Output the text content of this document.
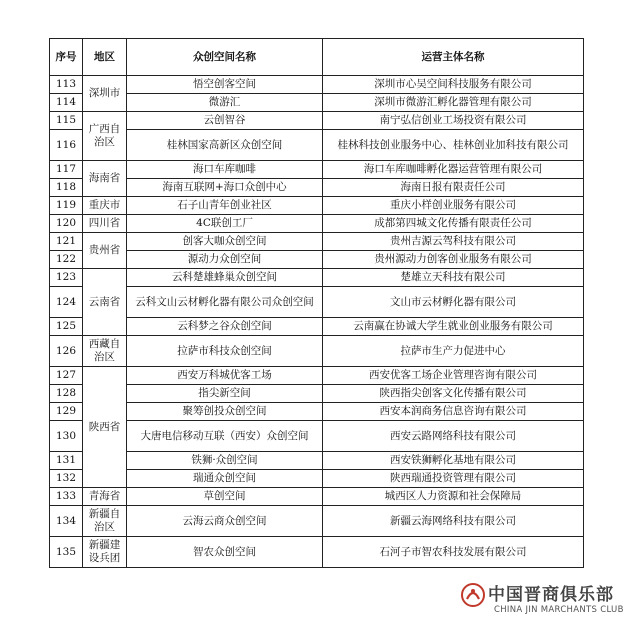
序号	地区	众创空间名称	运营主体名称
113	深圳市	悟空创客空间	深圳市心吴空间科技服务有限公司
114		微游汇	深圳市微游汇孵化器管理有限公司
115	广西自治区	云创智谷	南宁弘信创业工场投资有限公司
116		桂林国家高新区众创空间	桂林科技创业服务中心、桂林创业加科技有限公司
117	海南省	海口车库咖啡	海口车库咖啡孵化器运营管理有限公司
118		海南互联网+海口众创中心	海南日报有限责任公司
119	重庆市	石子山青年创业社区	重庆小样创业服务有限公司
120	四川省	4C联创工厂	成都第四城文化传播有限责任公司
121	贵州省	创客大咖众创空间	贵州吉源云驾科技有限公司
122		源动力众创空间	贵州源动力创客创业服务有限公司
123	云南省	云科楚雄蜂巢众创空间	楚雄立天科技有限公司
124		云科文山云材孵化器有限公司众创空间	文山市云材孵化器有限公司
125		云科梦之谷众创空间	云南赢在协诚大学生就业创业服务有限公司
126	西藏自治区	拉萨市科技众创空间	拉萨市生产力促进中心
127	陕西省	西安万科城优客工场	西安优客工场企业管理咨询有限公司
128		指尖新空间	陕西指尖创客文化传播有限公司
129		聚筹创投众创空间	西安本润商务信息咨询有限公司
130		大唐电信移动互联（西安）众创空间	西安云路网络科技有限公司
131		铁狮·众创空间	西安铁狮孵化基地有限公司
132		瑞通众创空间	陕西瑞通投资管理有限公司
133	青海省	草创空间	城西区人力资源和社会保障局
134	新疆自治区	云海云商众创空间	新疆云海网络科技有限公司
135	新疆建设兵团	智农众创空间	石河子市智农科技发展有限公司
中国晋商俱乐部
CHINA JIN MARCHANTS CLUB
